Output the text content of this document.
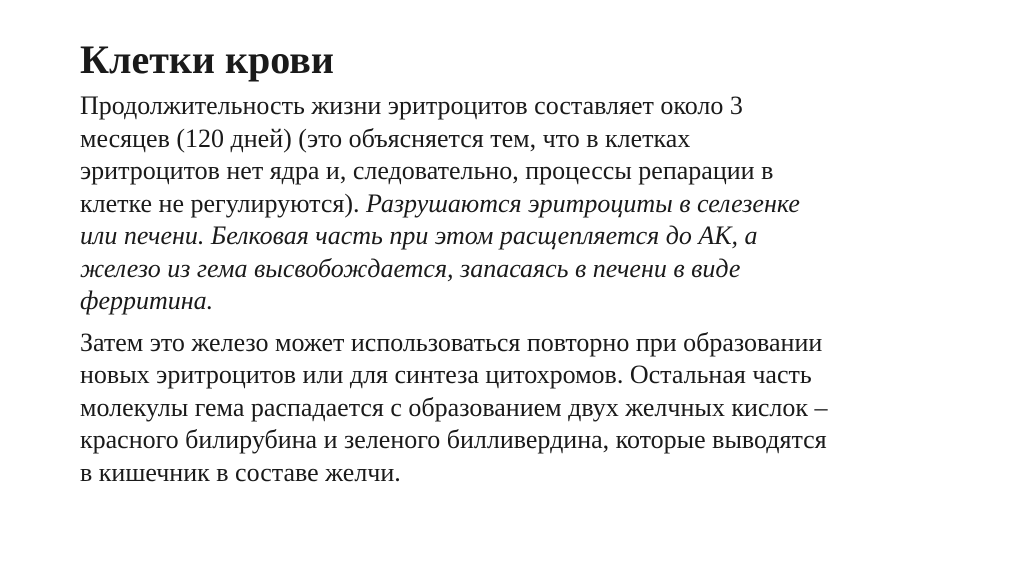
Клетки крови

Продолжительность жизни эритроцитов составляет около 3
месяцев (120 дней) (это объясняется тем, что в клетках
эритроцитов нет ядра и, следовательно, процессы репарации в
клетке не регулируются). Разрушаются эритроциты в селезенке
или печени. Белковая часть при этом расщепляется до АК, а
железо из гема высвобождается, запасаясь в печени в виде
ферритина.

Затем это железо может использоваться повторно при образовании
новых эритроцитов или для синтеза цитохромов. Остальная часть
молекулы гема распадается с образованием двух желчных кислок –
красного билирубина и зеленого билливердина, которые выводятся
в кишечник в составе желчи.
